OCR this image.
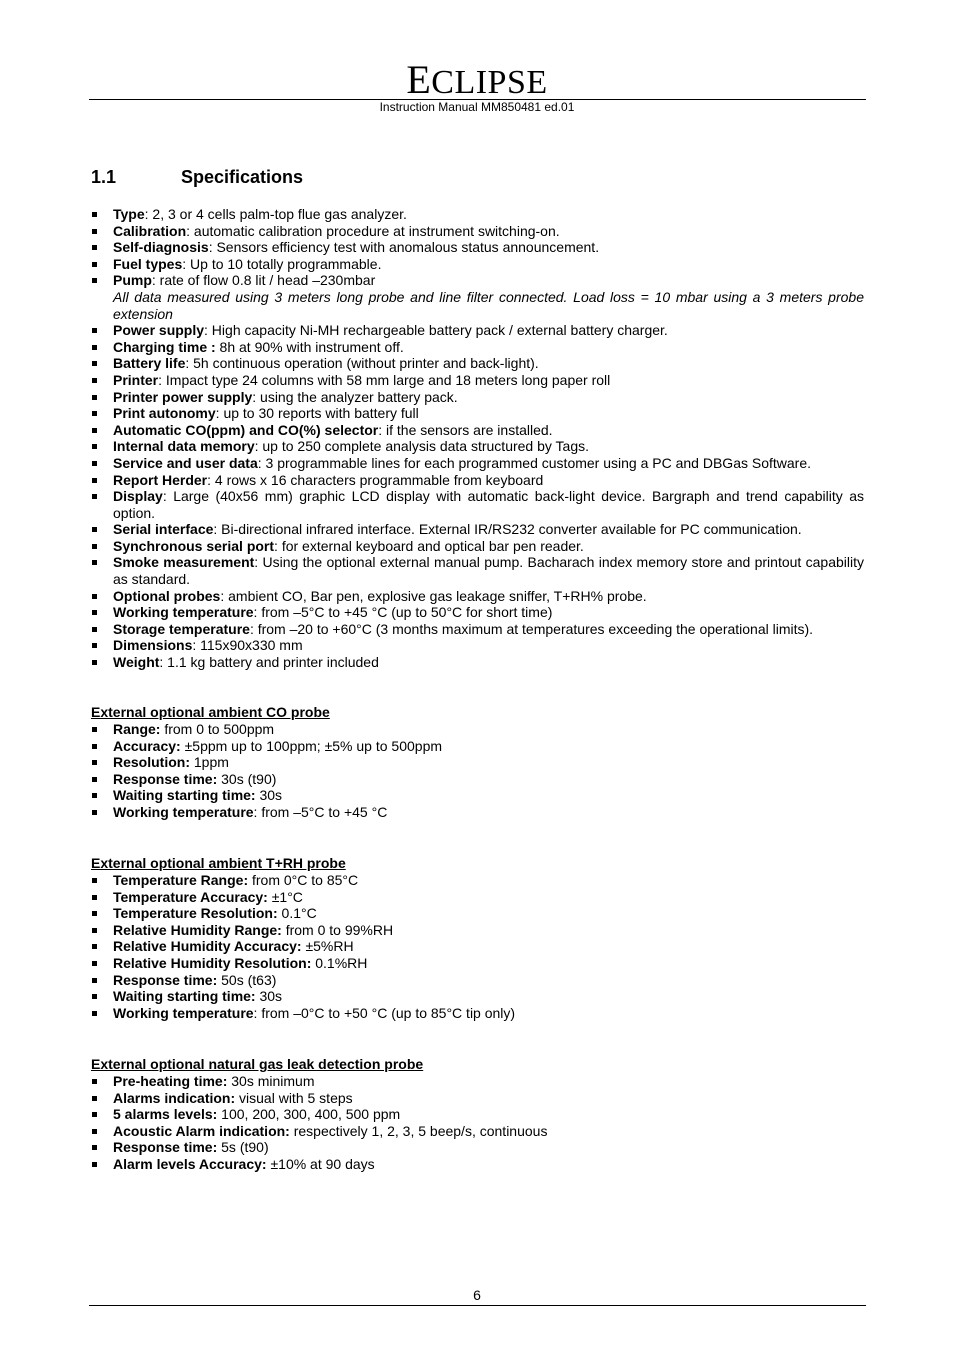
ECLIPSE
Instruction Manual MM850481 ed.01
1.1	Specifications
Type: 2, 3 or 4 cells palm-top flue gas analyzer.
Calibration: automatic calibration procedure at instrument switching-on.
Self-diagnosis: Sensors efficiency test with anomalous status announcement.
Fuel types: Up to 10 totally programmable.
Pump: rate of flow 0.8 lit / head –230mbar
All data measured using 3 meters long probe and line filter connected. Load loss = 10 mbar using a 3 meters probe extension
Power supply: High capacity Ni-MH rechargeable battery pack / external battery charger.
Charging time : 8h at 90% with instrument off.
Battery life: 5h continuous operation (without printer and back-light).
Printer: Impact type 24 columns with 58 mm large and 18 meters long paper roll
Printer power supply: using the analyzer battery pack.
Print autonomy: up to 30 reports with battery full
Automatic CO(ppm) and CO(%) selector: if the sensors are installed.
Internal data memory: up to 250 complete analysis data structured by Tags.
Service and user data: 3 programmable lines for each programmed customer using a PC and DBGas Software.
Report Herder: 4 rows x 16 characters programmable from keyboard
Display: Large (40x56 mm) graphic LCD display with automatic back-light device. Bargraph and trend capability as option.
Serial interface: Bi-directional infrared interface. External IR/RS232 converter available for PC communication.
Synchronous serial port: for external keyboard and optical bar pen reader.
Smoke measurement: Using the optional external manual pump. Bacharach index memory store and printout capability as standard.
Optional probes: ambient CO, Bar pen, explosive gas leakage sniffer, T+RH% probe.
Working temperature: from –5°C to +45 °C (up to 50°C for short time)
Storage temperature: from –20 to +60°C (3 months maximum at temperatures exceeding the operational limits).
Dimensions: 115x90x330 mm
Weight: 1.1 kg battery and printer included
External optional ambient CO probe
Range: from 0 to 500ppm
Accuracy: ±5ppm up to 100ppm; ±5% up to 500ppm
Resolution: 1ppm
Response time: 30s (t90)
Waiting starting time: 30s
Working temperature: from –5°C to +45 °C
External optional ambient T+RH probe
Temperature Range: from 0°C to 85°C
Temperature Accuracy: ±1°C
Temperature Resolution: 0.1°C
Relative Humidity Range: from 0 to 99%RH
Relative Humidity Accuracy: ±5%RH
Relative Humidity Resolution: 0.1%RH
Response time: 50s (t63)
Waiting starting time: 30s
Working temperature: from –0°C to +50 °C (up to 85°C tip only)
External optional natural gas leak detection probe
Pre-heating time: 30s minimum
Alarms indication: visual with 5 steps
5 alarms levels: 100, 200, 300, 400, 500 ppm
Acoustic Alarm indication: respectively 1, 2, 3, 5 beep/s, continuous
Response time: 5s (t90)
Alarm levels Accuracy: ±10% at 90 days
6
